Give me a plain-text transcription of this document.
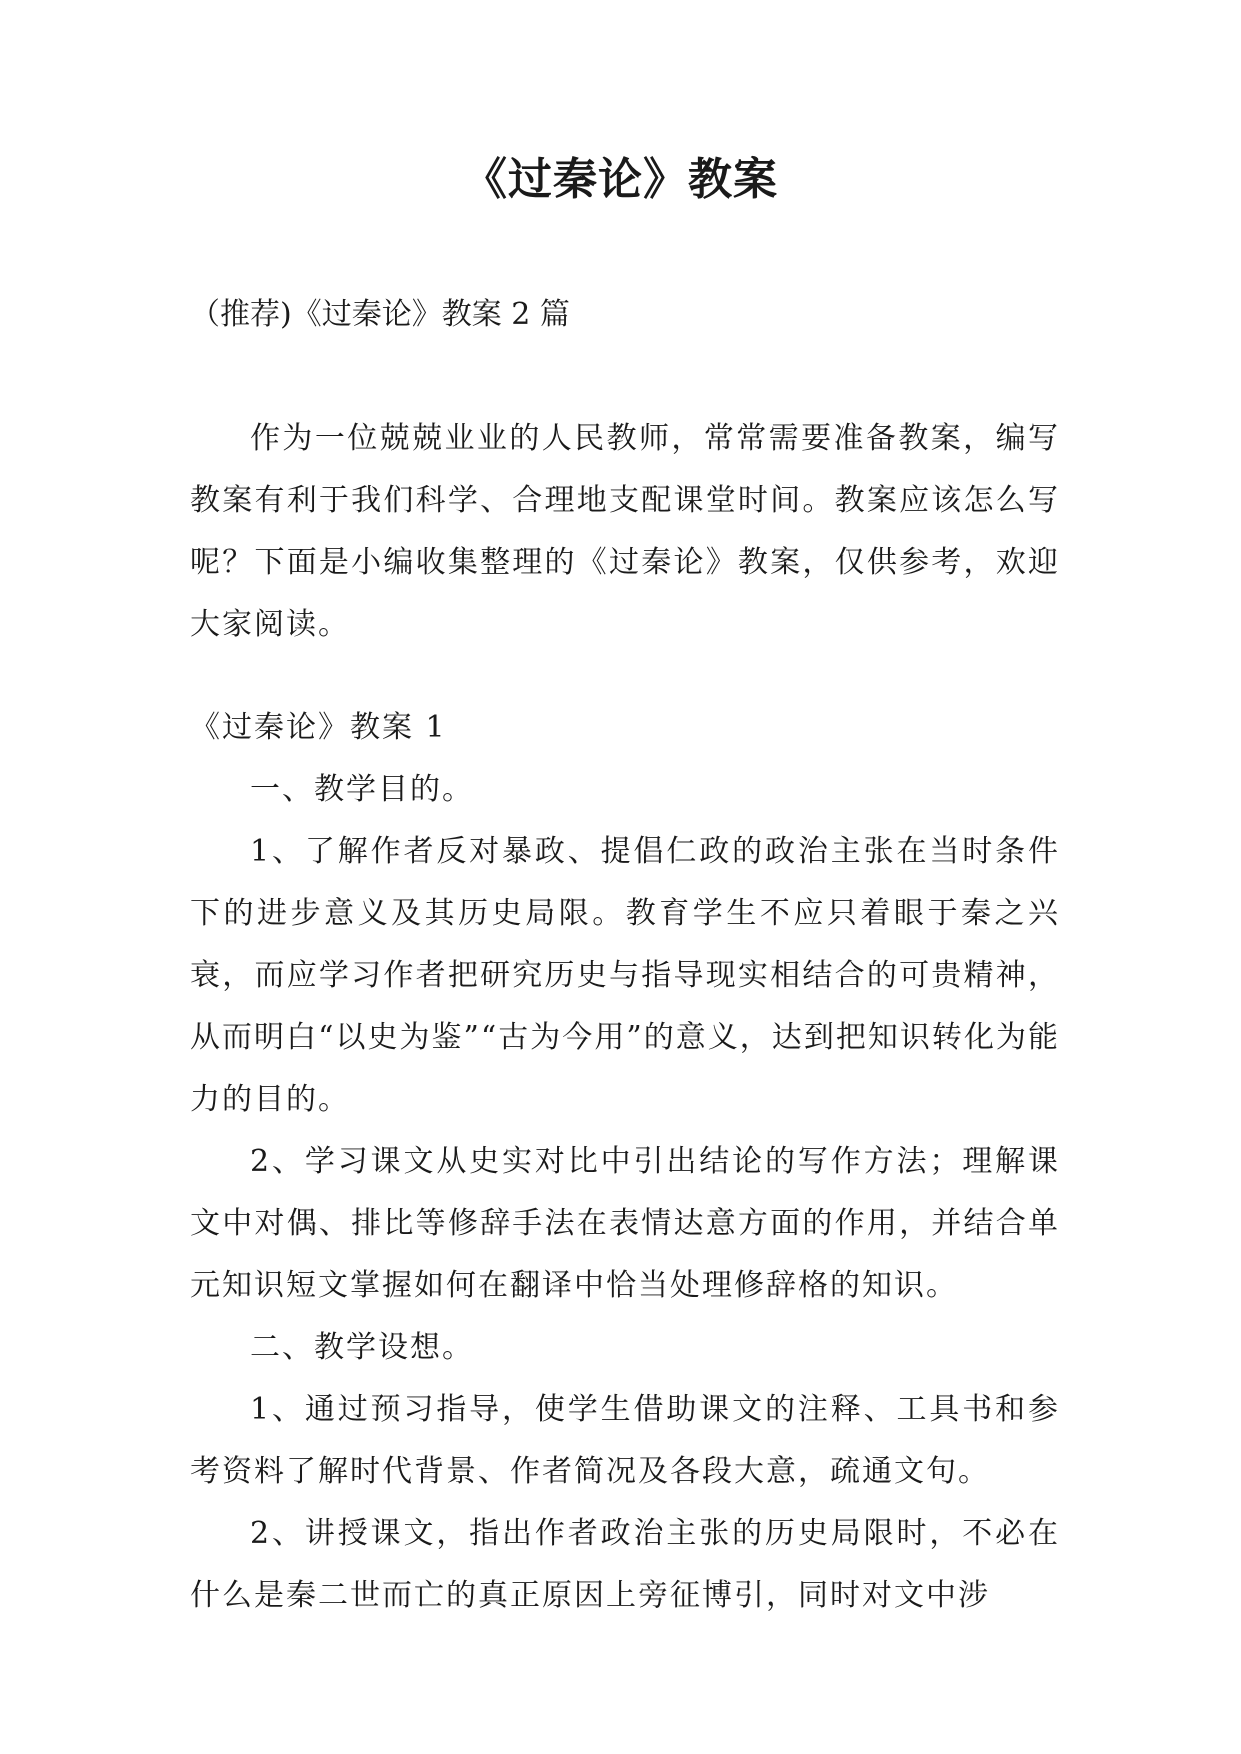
《过秦论》教案

（推荐)《过秦论》教案 2 篇

作为一位兢兢业业的人民教师，常常需要准备教案，编写教案有利于我们科学、合理地支配课堂时间。教案应该怎么写呢？下面是小编收集整理的《过秦论》教案，仅供参考，欢迎大家阅读。

《过秦论》教案 1

一、教学目的。

1、了解作者反对暴政、提倡仁政的政治主张在当时条件下的进步意义及其历史局限。教育学生不应只着眼于秦之兴衰，而应学习作者把研究历史与指导现实相结合的可贵精神，从而明白“以史为鉴”“古为今用”的意义，达到把知识转化为能力的目的。

2、学习课文从史实对比中引出结论的写作方法；理解课文中对偶、排比等修辞手法在表情达意方面的作用，并结合单元知识短文掌握如何在翻译中恰当处理修辞格的知识。

二、教学设想。

1、通过预习指导，使学生借助课文的注释、工具书和参考资料了解时代背景、作者简况及各段大意，疏通文句。

2、讲授课文，指出作者政治主张的历史局限时，不必在什么是秦二世而亡的真正原因上旁征博引，同时对文中涉
